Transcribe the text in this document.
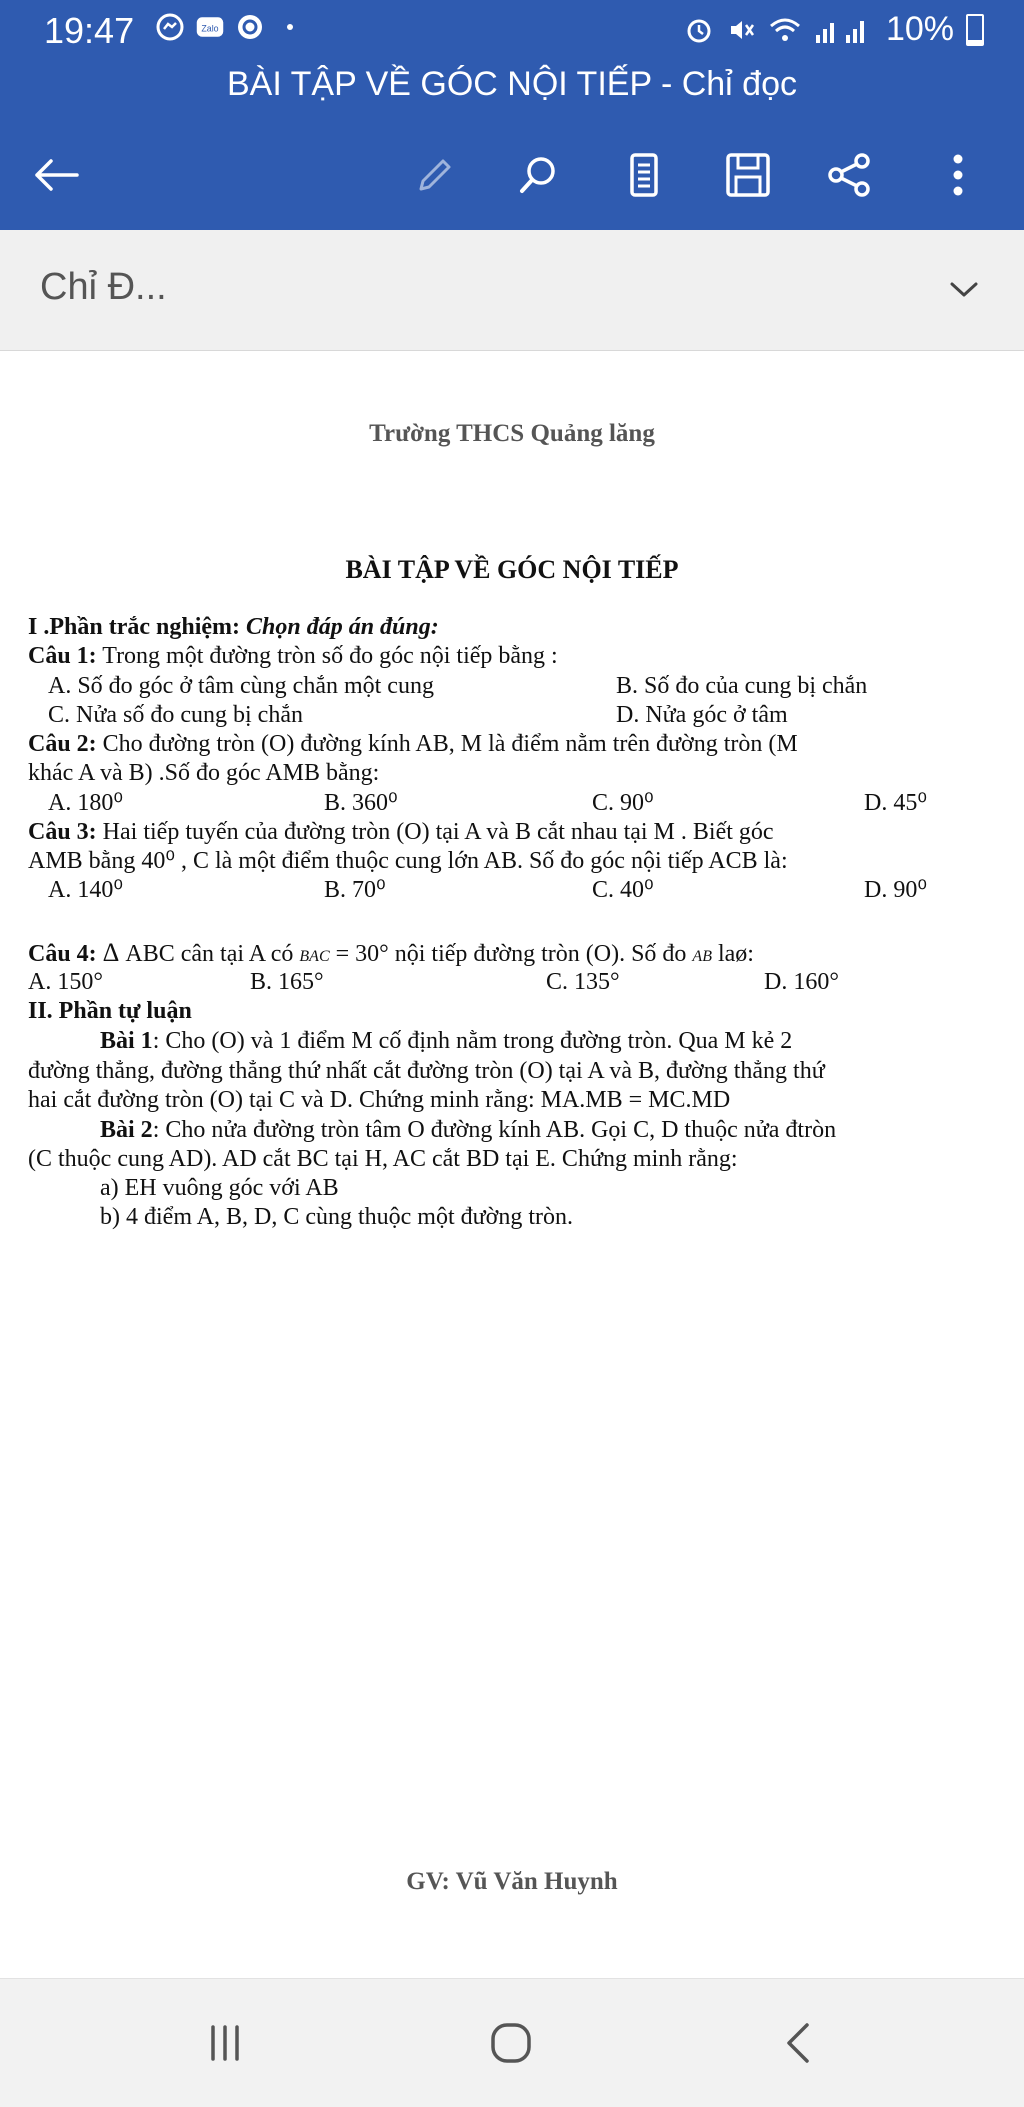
19:47	Zalo	10%
BÀI TẬP VỀ GÓC NỘI TIẾP - Chỉ đọc
Chỉ Đ...
Trường THCS Quảng lăng
BÀI TẬP VỀ GÓC NỘI TIẾP
I .Phần trắc nghiệm: Chọn đáp án đúng:
Câu 1: Trong một đường tròn số đo góc nội tiếp bằng :
A. Số đo góc ở tâm cùng chắn một cung	B. Số đo của cung bị chắn
C. Nửa số đo cung bị chắn	D. Nửa góc ở tâm
Câu 2: Cho đường tròn (O) đường kính AB, M là điểm nằm trên đường tròn (M
khác A và B) .Số đo góc AMB bằng:
A. 180⁰	B. 360⁰	C. 90⁰	D. 45⁰
Câu 3: Hai tiếp tuyến của đường tròn (O) tại A và B cắt nhau tại M . Biết góc
AMB bằng 40⁰ , C là một điểm thuộc cung lớn AB. Số đo góc nội tiếp ACB là:
A. 140⁰	B. 70⁰	C. 40⁰	D. 90⁰
Câu 4: Δ ABC cân tại A có BAC = 30° nội tiếp đường tròn (O). Số đo AB laø:
A. 150°	B. 165°	C. 135°	D. 160°
II. Phần tự luận
Bài 1: Cho (O) và 1 điểm M cố định nằm trong đường tròn. Qua M kẻ 2
đường thẳng, đường thẳng thứ nhất cắt đường tròn (O) tại A và B, đường thẳng thứ
hai cắt đường tròn (O) tại C và D. Chứng minh rằng: MA.MB = MC.MD
Bài 2: Cho nửa đường tròn tâm O đường kính AB. Gọi C, D thuộc nửa đtròn
(C thuộc cung AD). AD cắt BC tại H, AC cắt BD tại E. Chứng minh rằng:
a) EH vuông góc với AB
b) 4 điểm A, B, D, C cùng thuộc một đường tròn.
GV: Vũ Văn Huynh
